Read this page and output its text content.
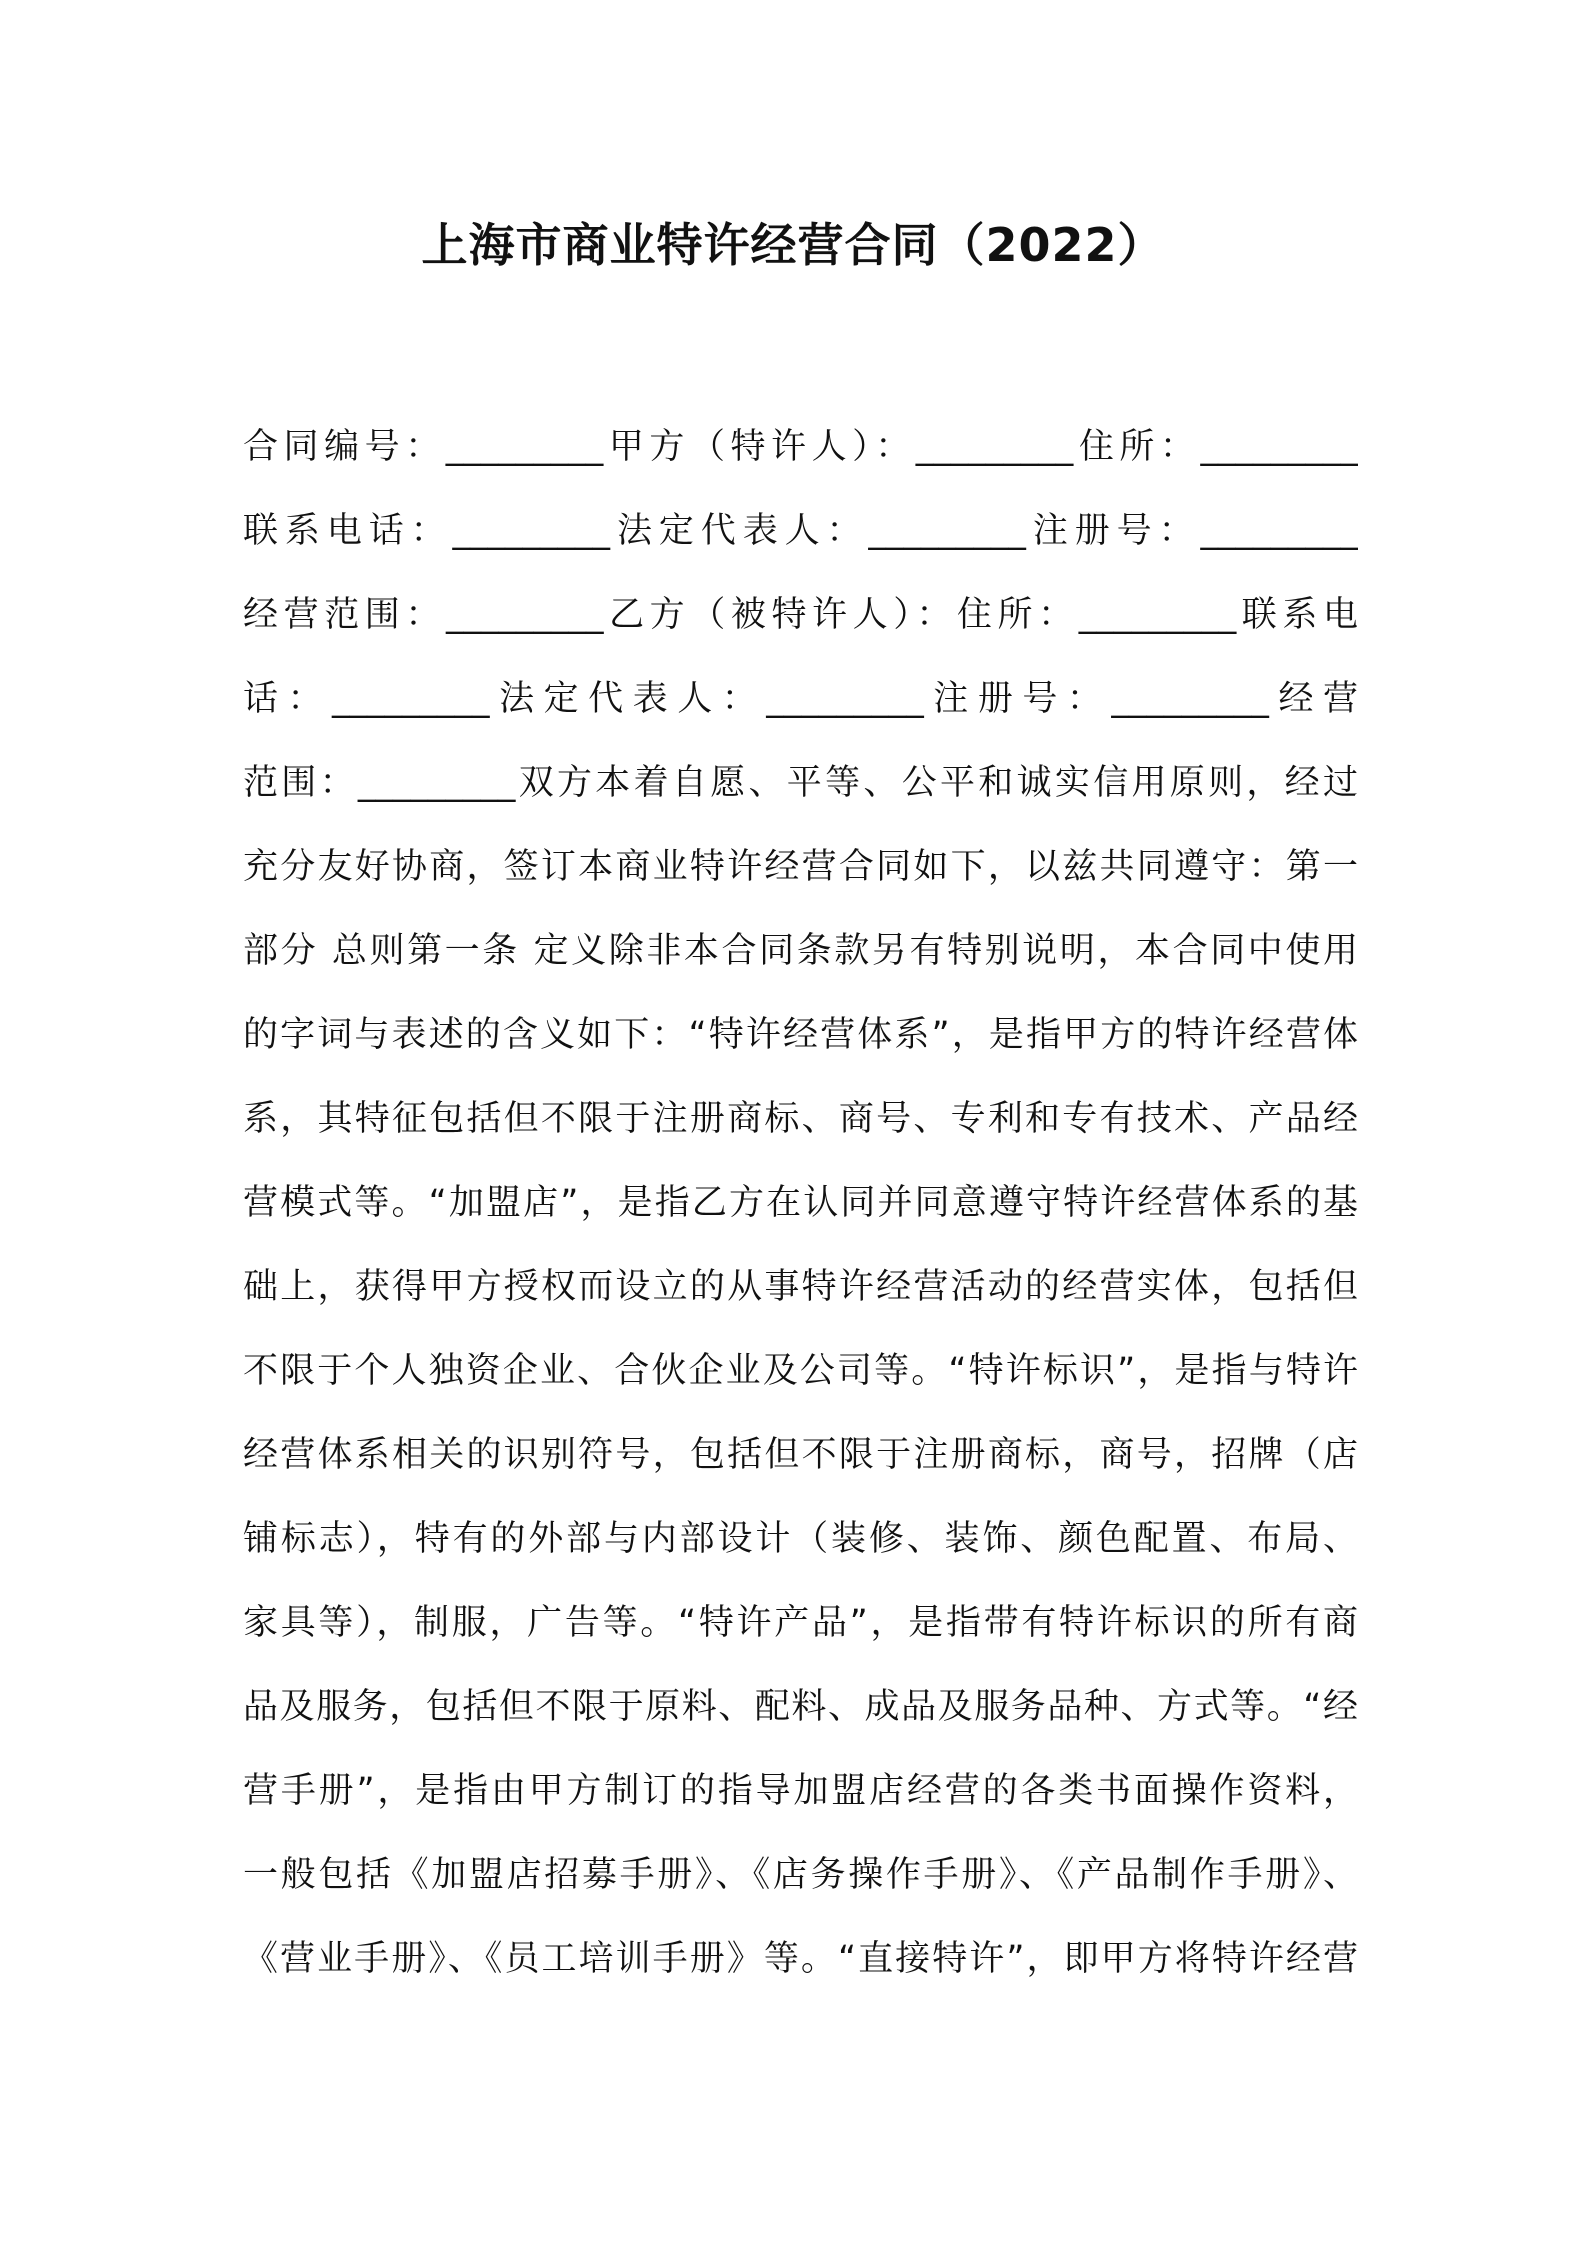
上海市商业特许经营合同（2022）
合同编号：_________甲方（特许人）：_________住所：_________
联系电话：_________法定代表人：_________注册号：_________
经营范围：_________乙方（被特许人）：住所：_________联系电
话：_________法定代表人：_________注册号：_________经营
范围：_________双方本着自愿、平等、公平和诚实信用原则，经过
充分友好协商，签订本商业特许经营合同如下，以兹共同遵守：第一
部分 总则第一条 定义除非本合同条款另有特别说明，本合同中使用
的字词与表述的含义如下：“特许经营体系”，是指甲方的特许经营体
系，其特征包括但不限于注册商标、商号、专利和专有技术、产品经
营模式等。“加盟店”，是指乙方在认同并同意遵守特许经营体系的基
础上，获得甲方授权而设立的从事特许经营活动的经营实体，包括但
不限于个人独资企业、合伙企业及公司等。“特许标识”，是指与特许
经营体系相关的识别符号，包括但不限于注册商标，商号，招牌（店
铺标志），特有的外部与内部设计（装修、装饰、颜色配置、布局、
家具等），制服，广告等。“特许产品”，是指带有特许标识的所有商
品及服务，包括但不限于原料、配料、成品及服务品种、方式等。“经
营手册”，是指由甲方制订的指导加盟店经营的各类书面操作资料，
一般包括《加盟店招募手册》、《店务操作手册》、《产品制作手册》、
《营业手册》、《员工培训手册》等。“直接特许”，即甲方将特许经营
